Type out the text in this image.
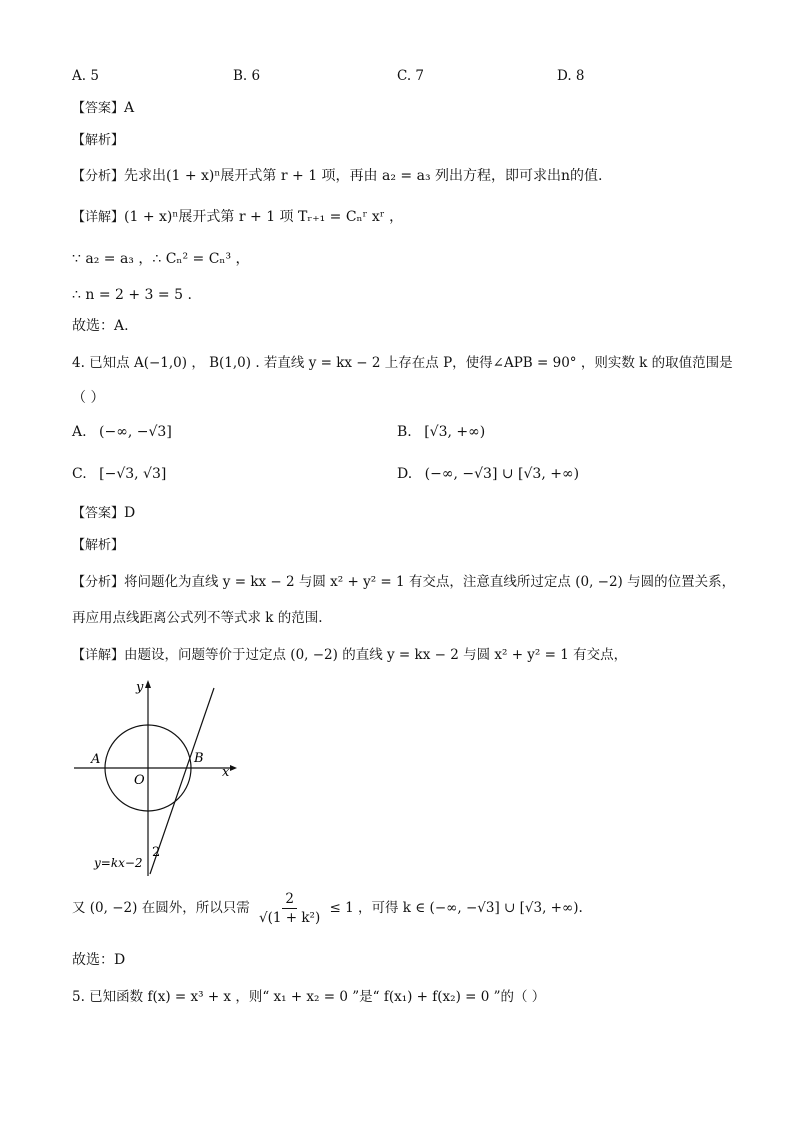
A. 5	B. 6	C. 7	D. 8
【答案】A
【解析】
【分析】先求出(1 + x)ⁿ展开式第 r + 1 项，再由 a₂ = a₃ 列出方程，即可求出n的值.
【详解】(1 + x)ⁿ展开式第 r + 1 项 Tᵣ₊₁ = Cₙʳ xʳ ，
∵ a₂ = a₃ ，∴ Cₙ² = Cₙ³ ，
∴ n = 2 + 3 = 5 .
故选：A.
4. 已知点 A(−1,0) ， B(1,0) . 若直线 y = kx − 2 上存在点 P，使得∠APB = 90° ，则实数 k 的取值范围是
（ ）
A. (−∞, −√3]	B. [√3, +∞)
C. [−√3, √3]	D. (−∞, −√3] ∪ [√3, +∞)
【答案】D
【解析】
【分析】将问题化为直线 y = kx − 2 与圆 x² + y² = 1 有交点，注意直线所过定点 (0, −2) 与圆的位置关系，
再应用点线距离公式列不等式求 k 的范围.
【详解】由题设，问题等价于过定点 (0, −2) 的直线 y = kx − 2 与圆 x² + y² = 1 有交点，
y
x
A	B
O
y=kx−2
2
又 (0, −2) 在圆外，所以只需 $\frac{2}{\text{√(1 + k²)}} \le 1$ ，可得 k ∈ (−∞, −√3] ∪ [√3, +∞).
故选：D
5. 已知函数 f(x) = x³ + x ，则“ x₁ + x₂ = 0 ”是“ f(x₁) + f(x₂) = 0 ”的（ ）
